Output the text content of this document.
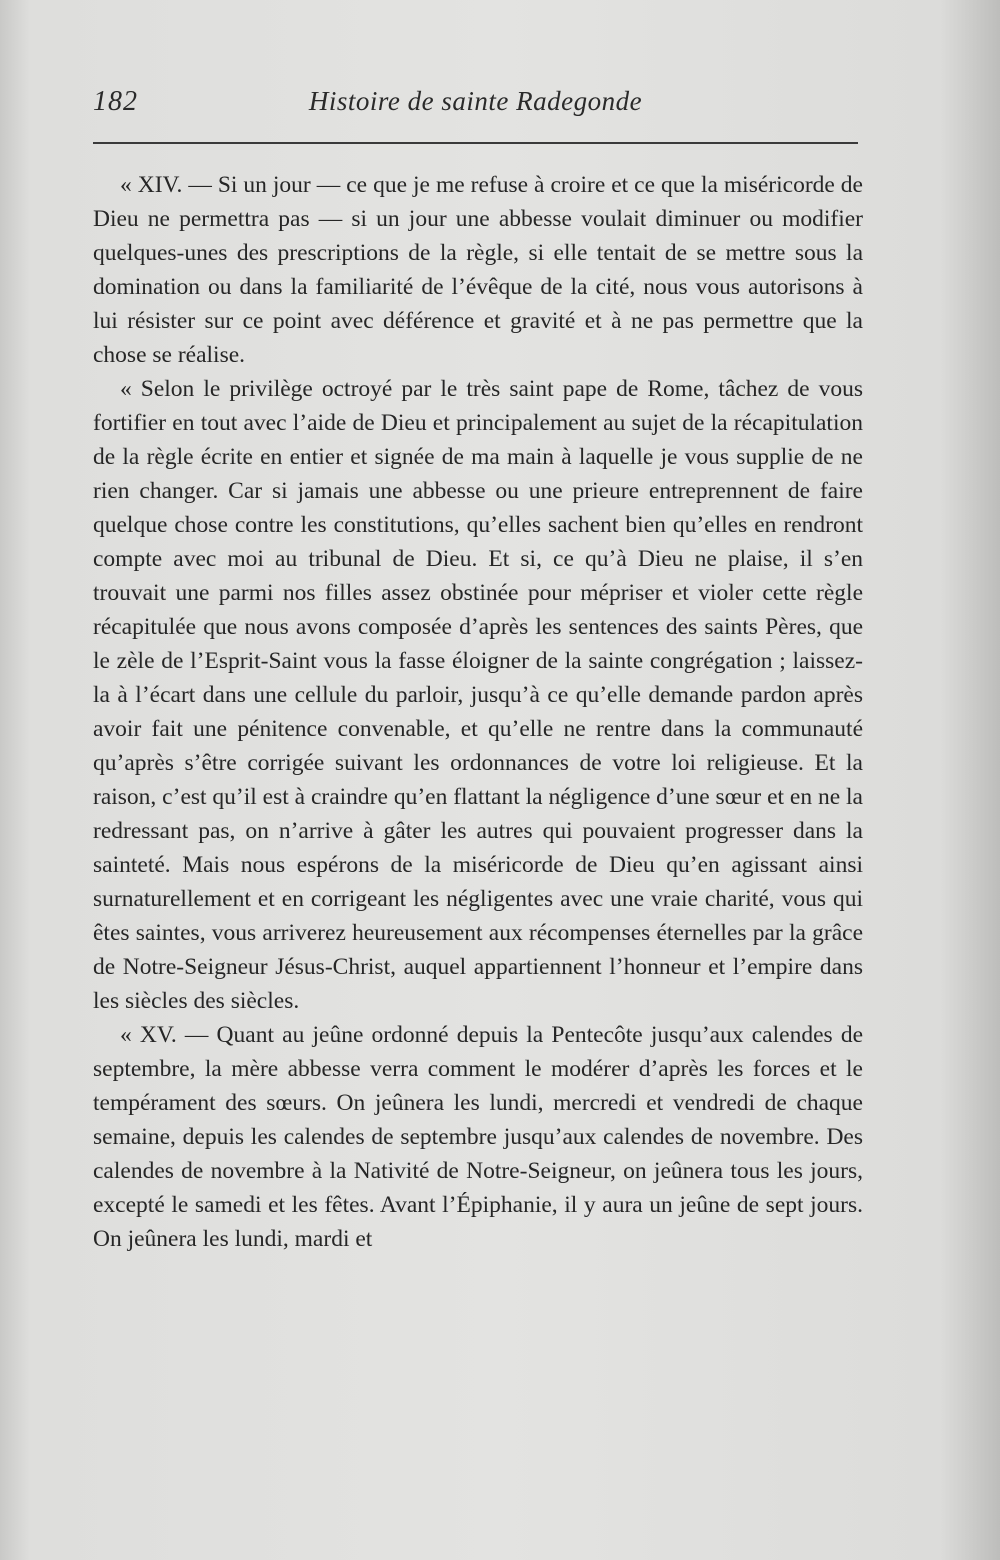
182	Histoire de sainte Radegonde

« XIV. — Si un jour — ce que je me refuse à croire et ce que la miséricorde de Dieu ne permettra pas — si un jour une abbesse voulait diminuer ou modifier quelques-unes des prescriptions de la règle, si elle tentait de se mettre sous la domination ou dans la familiarité de l’évêque de la cité, nous vous autorisons à lui résister sur ce point avec déférence et gravité et à ne pas permettre que la chose se réalise.

« Selon le privilège octroyé par le très saint pape de Rome, tâchez de vous fortifier en tout avec l’aide de Dieu et principalement au sujet de la récapitulation de la règle écrite en entier et signée de ma main à laquelle je vous supplie de ne rien changer. Car si jamais une abbesse ou une prieure entreprennent de faire quelque chose contre les constitutions, qu’elles sachent bien qu’elles en rendront compte avec moi au tribunal de Dieu. Et si, ce qu’à Dieu ne plaise, il s’en trouvait une parmi nos filles assez obstinée pour mépriser et violer cette règle récapitulée que nous avons composée d’après les sentences des saints Pères, que le zèle de l’Esprit-Saint vous la fasse éloigner de la sainte congrégation ; laissez-la à l’écart dans une cellule du parloir, jusqu’à ce qu’elle demande pardon après avoir fait une pénitence convenable, et qu’elle ne rentre dans la communauté qu’après s’être corrigée suivant les ordonnances de votre loi religieuse. Et la raison, c’est qu’il est à craindre qu’en flattant la négligence d’une sœur et en ne la redressant pas, on n’arrive à gâter les autres qui pouvaient progresser dans la sainteté. Mais nous espérons de la miséricorde de Dieu qu’en agissant ainsi surnaturellement et en corrigeant les négligentes avec une vraie charité, vous qui êtes saintes, vous arriverez heureusement aux récompenses éternelles par la grâce de Notre-Seigneur Jésus-Christ, auquel appartiennent l’honneur et l’empire dans les siècles des siècles.

« XV. — Quant au jeûne ordonné depuis la Pentecôte jusqu’aux calendes de septembre, la mère abbesse verra comment le modérer d’après les forces et le tempérament des sœurs. On jeûnera les lundi, mercredi et vendredi de chaque semaine, depuis les calendes de septembre jusqu’aux calendes de novembre. Des calendes de novembre à la Nativité de Notre-Seigneur, on jeûnera tous les jours, excepté le samedi et les fêtes. Avant l’Épiphanie, il y aura un jeûne de sept jours. On jeûnera les lundi, mardi et
